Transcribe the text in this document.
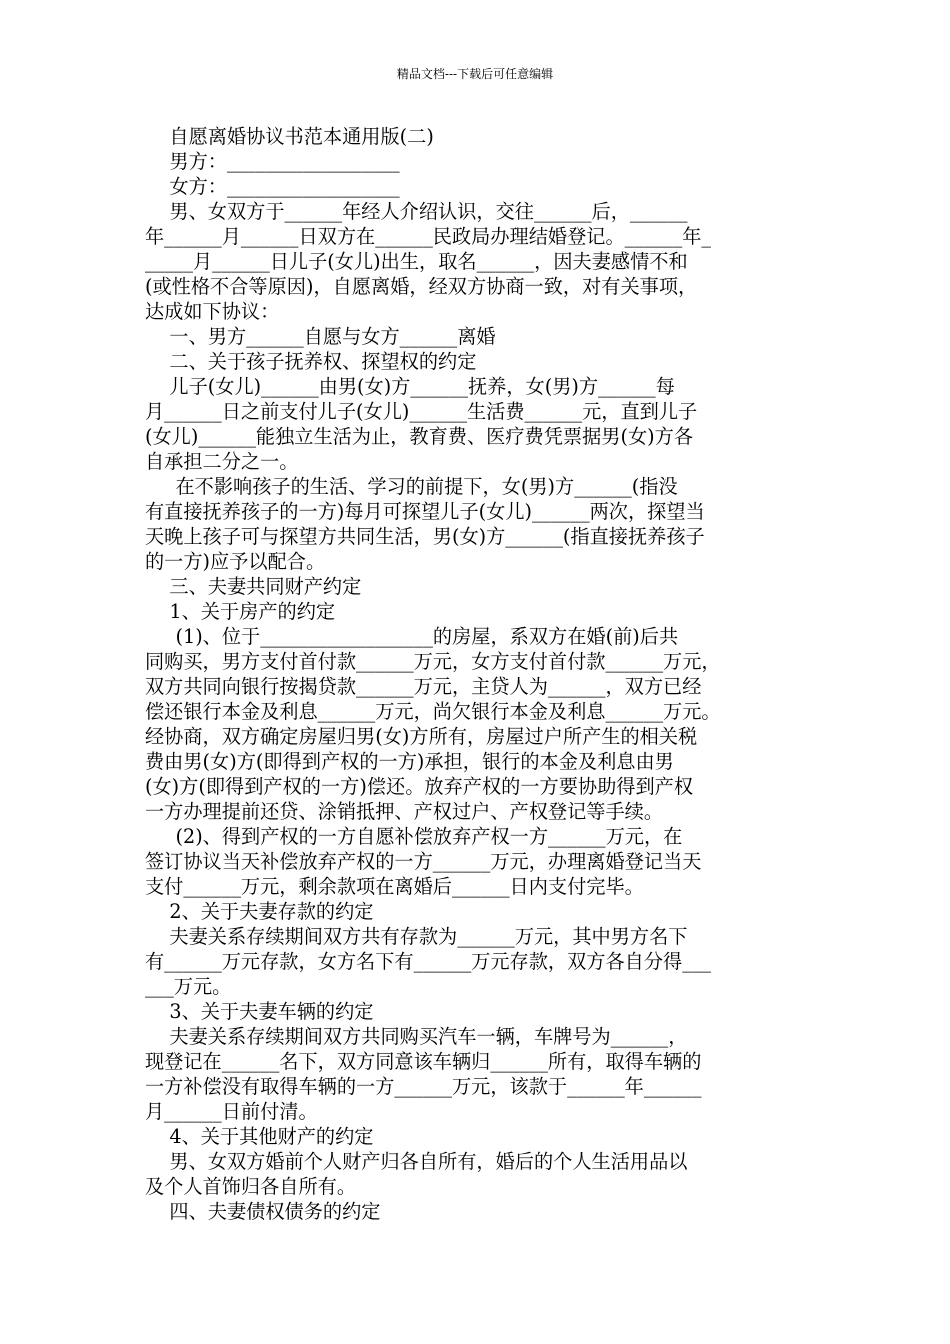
精品文档---下载后可任意编辑
自愿离婚协议书范本通用版(二)
男方：__________________
女方：__________________
男、女双方于______年经人介绍认识，交往______后，______
年______月______日双方在______民政局办理结婚登记。______年_
_____月______日儿子(女儿)出生，取名______，因夫妻感情不和
(或性格不合等原因)，自愿离婚，经双方协商一致，对有关事项，
达成如下协议：
一、男方______自愿与女方______离婚
二、关于孩子抚养权、探望权的约定
儿子(女儿)______由男(女)方______抚养，女(男)方______每
月______日之前支付儿子(女儿)______生活费______元，直到儿子
(女儿)______能独立生活为止，教育费、医疗费凭票据男(女)方各
自承担二分之一。
在不影响孩子的生活、学习的前提下，女(男)方______(指没
有直接抚养孩子的一方)每月可探望儿子(女儿)______两次，探望当
天晚上孩子可与探望方共同生活，男(女)方______(指直接抚养孩子
的一方)应予以配合。
三、夫妻共同财产约定
1、关于房产的约定
(1)、位于__________________的房屋，系双方在婚(前)后共
同购买，男方支付首付款______万元，女方支付首付款______万元，
双方共同向银行按揭贷款______万元，主贷人为______，双方已经
偿还银行本金及利息______万元，尚欠银行本金及利息______万元。
经协商，双方确定房屋归男(女)方所有，房屋过户所产生的相关税
费由男(女)方(即得到产权的一方)承担，银行的本金及利息由男
(女)方(即得到产权的一方)偿还。放弃产权的一方要协助得到产权
一方办理提前还贷、涂销抵押、产权过户、产权登记等手续。
(2)、得到产权的一方自愿补偿放弃产权一方______万元，在
签订协议当天补偿放弃产权的一方______万元，办理离婚登记当天
支付______万元，剩余款项在离婚后______日内支付完毕。
2、关于夫妻存款的约定
夫妻关系存续期间双方共有存款为______万元，其中男方名下
有______万元存款，女方名下有______万元存款，双方各自分得___
___万元。
3、关于夫妻车辆的约定
夫妻关系存续期间双方共同购买汽车一辆，车牌号为______，
现登记在______名下，双方同意该车辆归______所有，取得车辆的
一方补偿没有取得车辆的一方______万元，该款于______年______
月______日前付清。
4、关于其他财产的约定
男、女双方婚前个人财产归各自所有，婚后的个人生活用品以
及个人首饰归各自所有。
四、夫妻债权债务的约定
